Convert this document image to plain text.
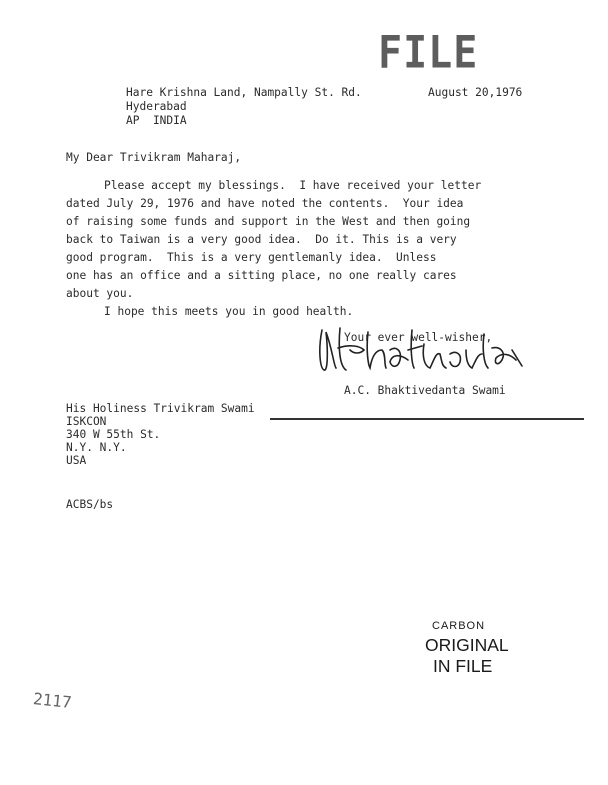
FILE
Hare Krishna Land, Nampally St. Rd.	August 20,1976
Hyderabad
AP  INDIA
My Dear Trivikram Maharaj,
Please accept my blessings.  I have received your letter
dated July 29, 1976 and have noted the contents.  Your idea
of raising some funds and support in the West and then going
back to Taiwan is a very good idea.  Do it. This is a very
good program.  This is a very gentlemanly idea.  Unless
one has an office and a sitting place, no one really cares
about you.
I hope this meets you in good health.
Your ever well-wisher,
A.C. Bhaktivedanta Swami
His Holiness Trivikram Swami
ISKCON
340 W 55th St.
N.Y. N.Y.
USA
ACBS/bs
CARBON
ORIGINAL
IN FILE
2117
